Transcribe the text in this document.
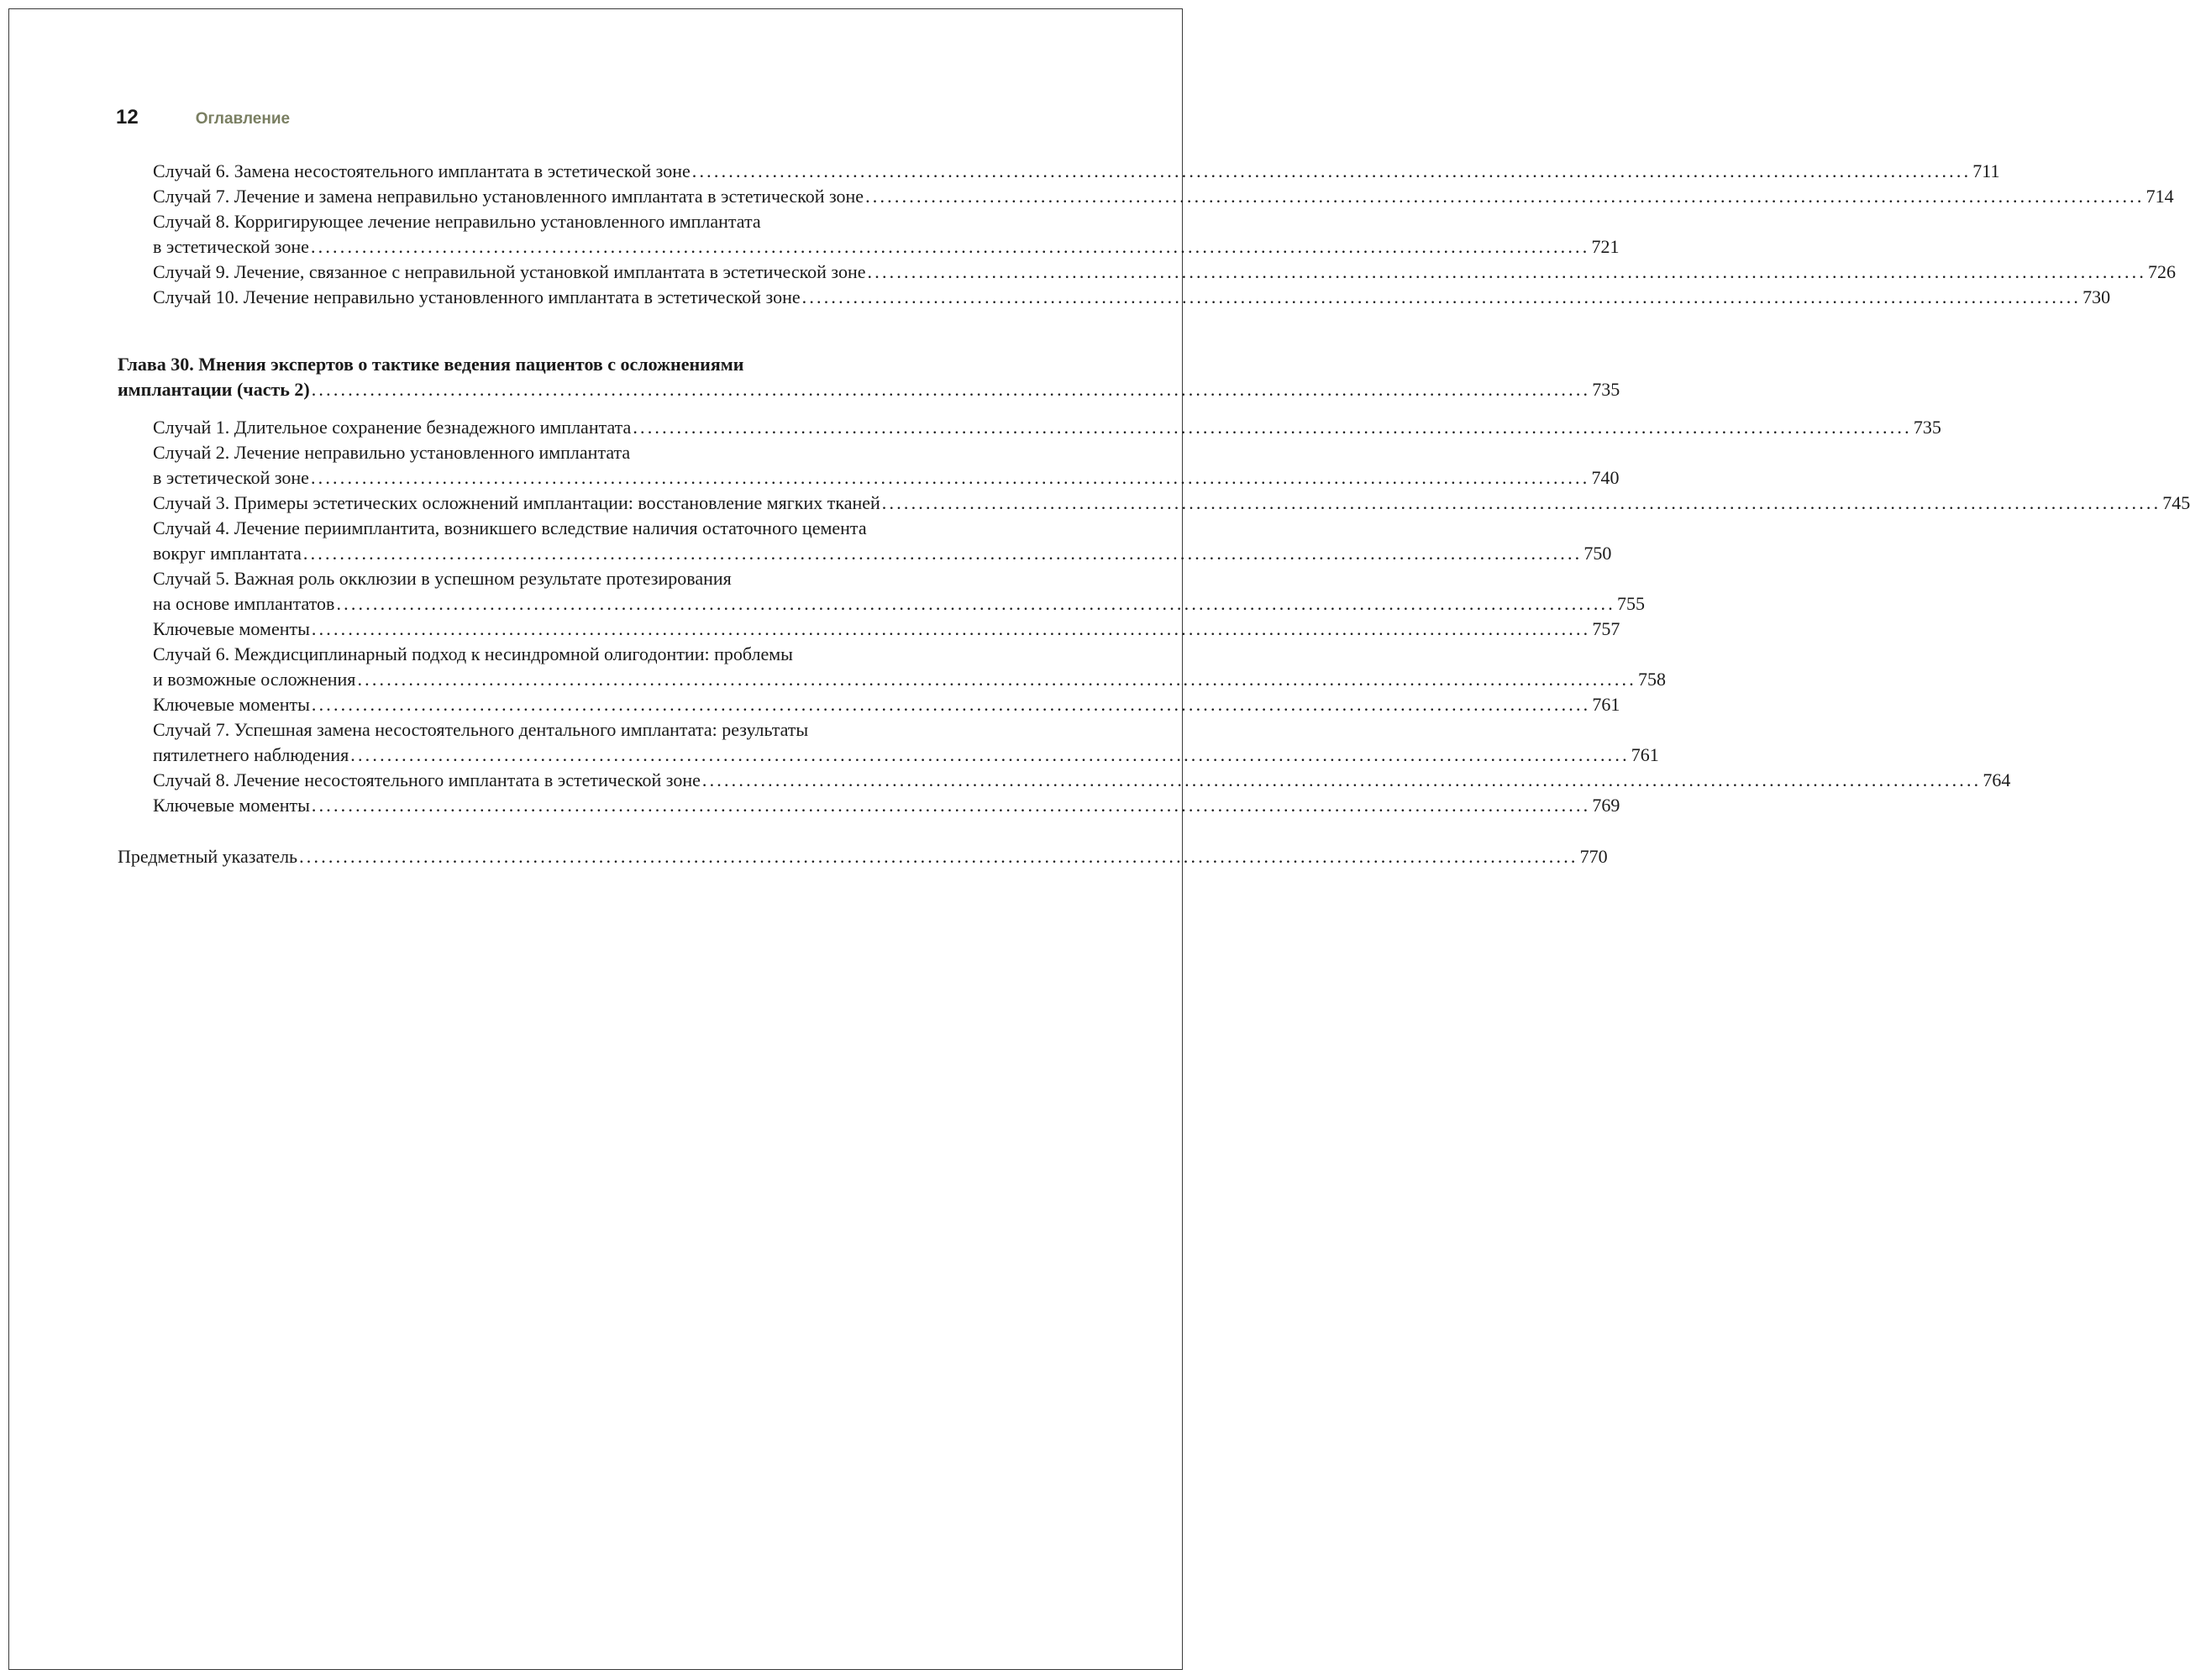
12	Оглавление
Случай 6. Замена несостоятельного имплантата в эстетической зоне ............................................................................................................................................................................... 711
Случай 7. Лечение и замена неправильно установленного имплантата в эстетической зоне ............................................................................................................................................................................... 714
Случай 8. Корригирующее лечение неправильно установленного имплантата
в эстетической зоне ............................................................................................................................................................................... 721
Случай 9. Лечение, связанное с неправильной установкой имплантата в эстетической зоне ............................................................................................................................................................................... 726
Случай 10. Лечение неправильно установленного имплантата в эстетической зоне ............................................................................................................................................................................... 730
Глава 30. Мнения экспертов о тактике ведения пациентов с осложнениями
имплантации (часть 2) ............................................................................................................................................................................... 735
Случай 1. Длительное сохранение безнадежного имплантата ............................................................................................................................................................................... 735
Случай 2. Лечение неправильно установленного имплантата
в эстетической зоне ............................................................................................................................................................................... 740
Случай 3. Примеры эстетических осложнений имплантации: восстановление мягких тканей ............................................................................................................................................................................... 745
Случай 4. Лечение периимплантита, возникшего вследствие наличия остаточного цемента
вокруг имплантата ............................................................................................................................................................................... 750
Случай 5. Важная роль окклюзии в успешном результате протезирования
на основе имплантатов ............................................................................................................................................................................... 755
Ключевые моменты ............................................................................................................................................................................... 757
Случай 6. Междисциплинарный подход к несиндромной олигодонтии: проблемы
и возможные осложнения ............................................................................................................................................................................... 758
Ключевые моменты ............................................................................................................................................................................... 761
Случай 7. Успешная замена несостоятельного дентального имплантата: результаты
пятилетнего наблюдения ............................................................................................................................................................................... 761
Случай 8. Лечение несостоятельного имплантата в эстетической зоне ............................................................................................................................................................................... 764
Ключевые моменты ............................................................................................................................................................................... 769
Предметный указатель ............................................................................................................................................................................... 770
